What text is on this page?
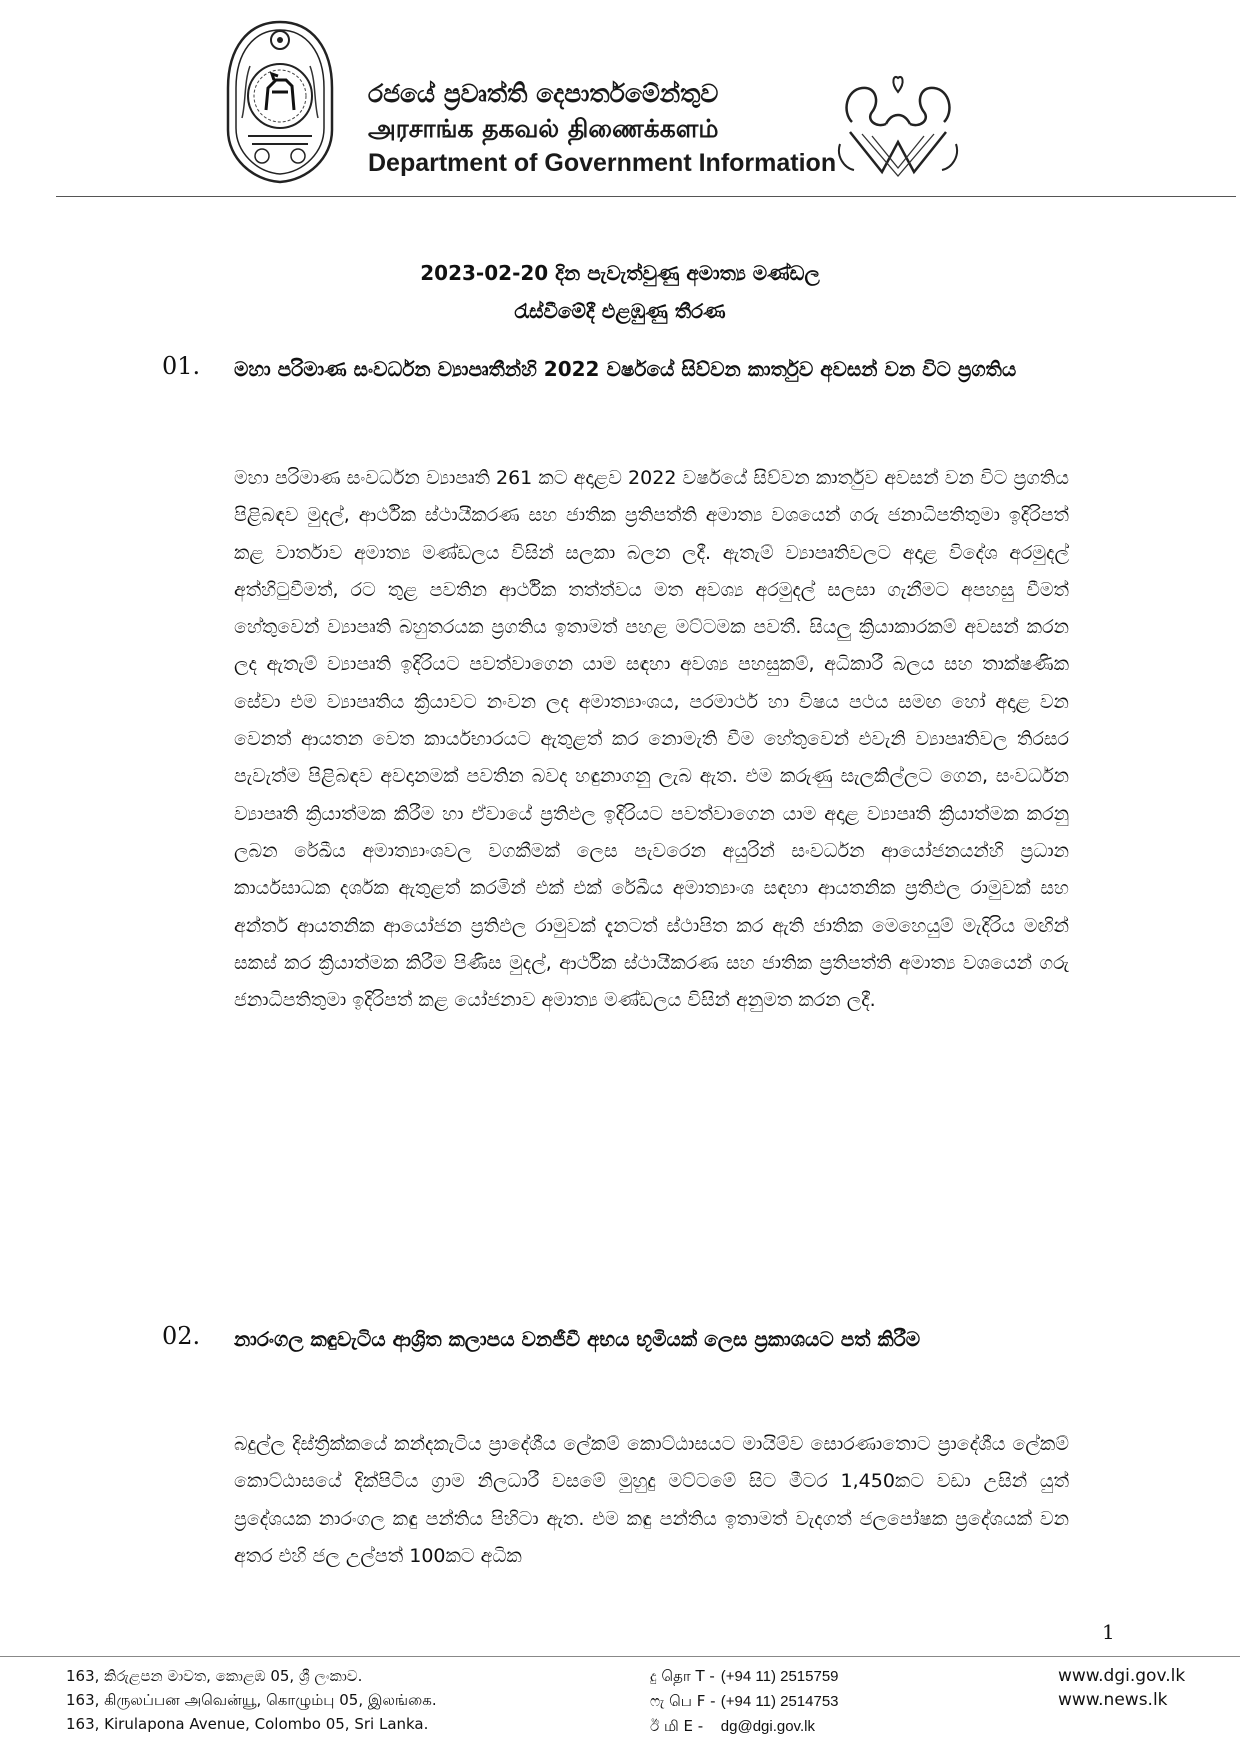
රජයේ ප්‍රවෘත්ති දෙපාර්තමේන්තුව
அரசாங்க தகவல் திணைக்களம்
Department of Government Information
2023-02-20 දින පැවැත්වුණු අමාත්‍ය මණ්ඩල
රැස්වීමේදී එළඹුණු තීරණ
01. මහා පරිමාණ සංවර්ධන ව්‍යාපෘතීන්හි 2022 වර්ෂයේ සිව්වන කාර්තුව අවසන් වන විට ප්‍රගතිය
මහා පරිමාණ සංවර්ධන ව්‍යාපෘති 261 කට අදාළව 2022 වර්ෂයේ සිව්වන කාර්තුව අවසන් වන විට ප්‍රගතිය පිළිබඳව මුදල්, ආර්ථික ස්ථායීකරණ සහ ජාතික ප්‍රතිපත්ති අමාත්‍ය වශයෙන් ගරු ජනාධිපතිතුමා ඉදිරිපත් කළ වාර්තාව අමාත්‍ය මණ්ඩලය විසින් සලකා බලන ලදී. ඇතැම් ව්‍යාපෘතිවලට අදාළ විදේශ අරමුදල් අත්හිටුවීමත්, රට තුළ පවතින ආර්ථික තත්ත්වය මත අවශ්‍ය අරමුදල් සලසා ගැනීමට අපහසු වීමත් හේතුවෙන් ව්‍යාපෘති බහුතරයක ප්‍රගතිය ඉතාමත් පහළ මට්ටමක පවතී. සියලු ක්‍රියාකාරකම් අවසන් කරන ලද ඇතැම් ව්‍යාපෘති ඉදිරියට පවත්වාගෙන යාම සඳහා අවශ්‍ය පහසුකම්, අධිකාරී බලය සහ තාක්ෂණික සේවා එම ව්‍යාපෘතිය ක්‍රියාවට නංවන ලද අමාත්‍යාංශය, පරමාර්ථ හා විෂය පථය සමඟ හෝ අදාළ වන වෙනත් ආයතන වෙත කාර්යභාරයට ඇතුළත් කර නොමැති වීම හේතුවෙන් එවැනි ව්‍යාපෘතිවල තිරසර පැවැත්ම පිළිබඳව අවදානමක් පවතින බවද හඳුනාගනු ලැබ ඇත. එම කරුණු සැලකිල්ලට ගෙන, සංවර්ධන ව්‍යාපෘති ක්‍රියාත්මක කිරීම හා ඒවායේ ප්‍රතිඵල ඉදිරියට පවත්වාගෙන යාම අදාළ ව්‍යාපෘති ක්‍රියාත්මක කරනු ලබන රේඛීය අමාත්‍යාංශවල වගකීමක් ලෙස පැවරෙන අයුරින් සංවර්ධන ආයෝජනයන්හි ප්‍රධාන කාර්යසාධක දර්ශක ඇතුළත් කරමින් එක් එක් රේඛීය අමාත්‍යාංශ සඳහා ආයතනික ප්‍රතිඵල රාමුවක් සහ අන්තර් ආයතනික ආයෝජන ප්‍රතිඵල රාමුවක් දැනටත් ස්ථාපිත කර ඇති ජාතික මෙහෙයුම් මැදිරිය මඟින් සකස් කර ක්‍රියාත්මක කිරීම පිණිස මුදල්, ආර්ථික ස්ථායීකරණ සහ ජාතික ප්‍රතිපත්ති අමාත්‍ය වශයෙන් ගරු ජනාධිපතිතුමා ඉදිරිපත් කළ යෝජනාව අමාත්‍ය මණ්ඩලය විසින් අනුමත කරන ලදී.
02. නාරංගල කඳුවැටිය ආශ්‍රිත කලාපය වනජීවී අභය භූමියක් ලෙස ප්‍රකාශයට පත් කිරීම
බදුල්ල දිස්ත්‍රික්කයේ කන්දකැටිය ප්‍රාදේශීය ලේකම් කොට්ඨාසයට මායිම්ව සොරණාතොට ප්‍රාදේශීය ලේකම් කොට්ඨාසයේ දික්පිටිය ග්‍රාම නිලධාරී වසමේ මුහුදු මට්ටමේ සිට මීටර 1,450කට වඩා උසින් යුත් ප්‍රදේශයක නාරංගල කඳු පන්තිය පිහිටා ඇත. එම කඳු පන්තිය ඉතාමත් වැදගත් ජලපෝෂක ප්‍රදේශයක් වන අතර එහි ජල උල්පත් 100කට අධික
1
163, කිරුළපන මාවත, කොළඹ 05, ශ්‍රී ලංකාව.
163, கிருலப்பன அவென்யூ, கொழும்பு 05, இலங்கை.
163, Kirulapona Avenue, Colombo 05, Sri Lanka.
දු தொ T - (+94 11) 2515759
ෆැ பெ F - (+94 11) 2514753
ඊ மி E - dg@dgi.gov.lk
www.dgi.gov.lk
www.news.lk
